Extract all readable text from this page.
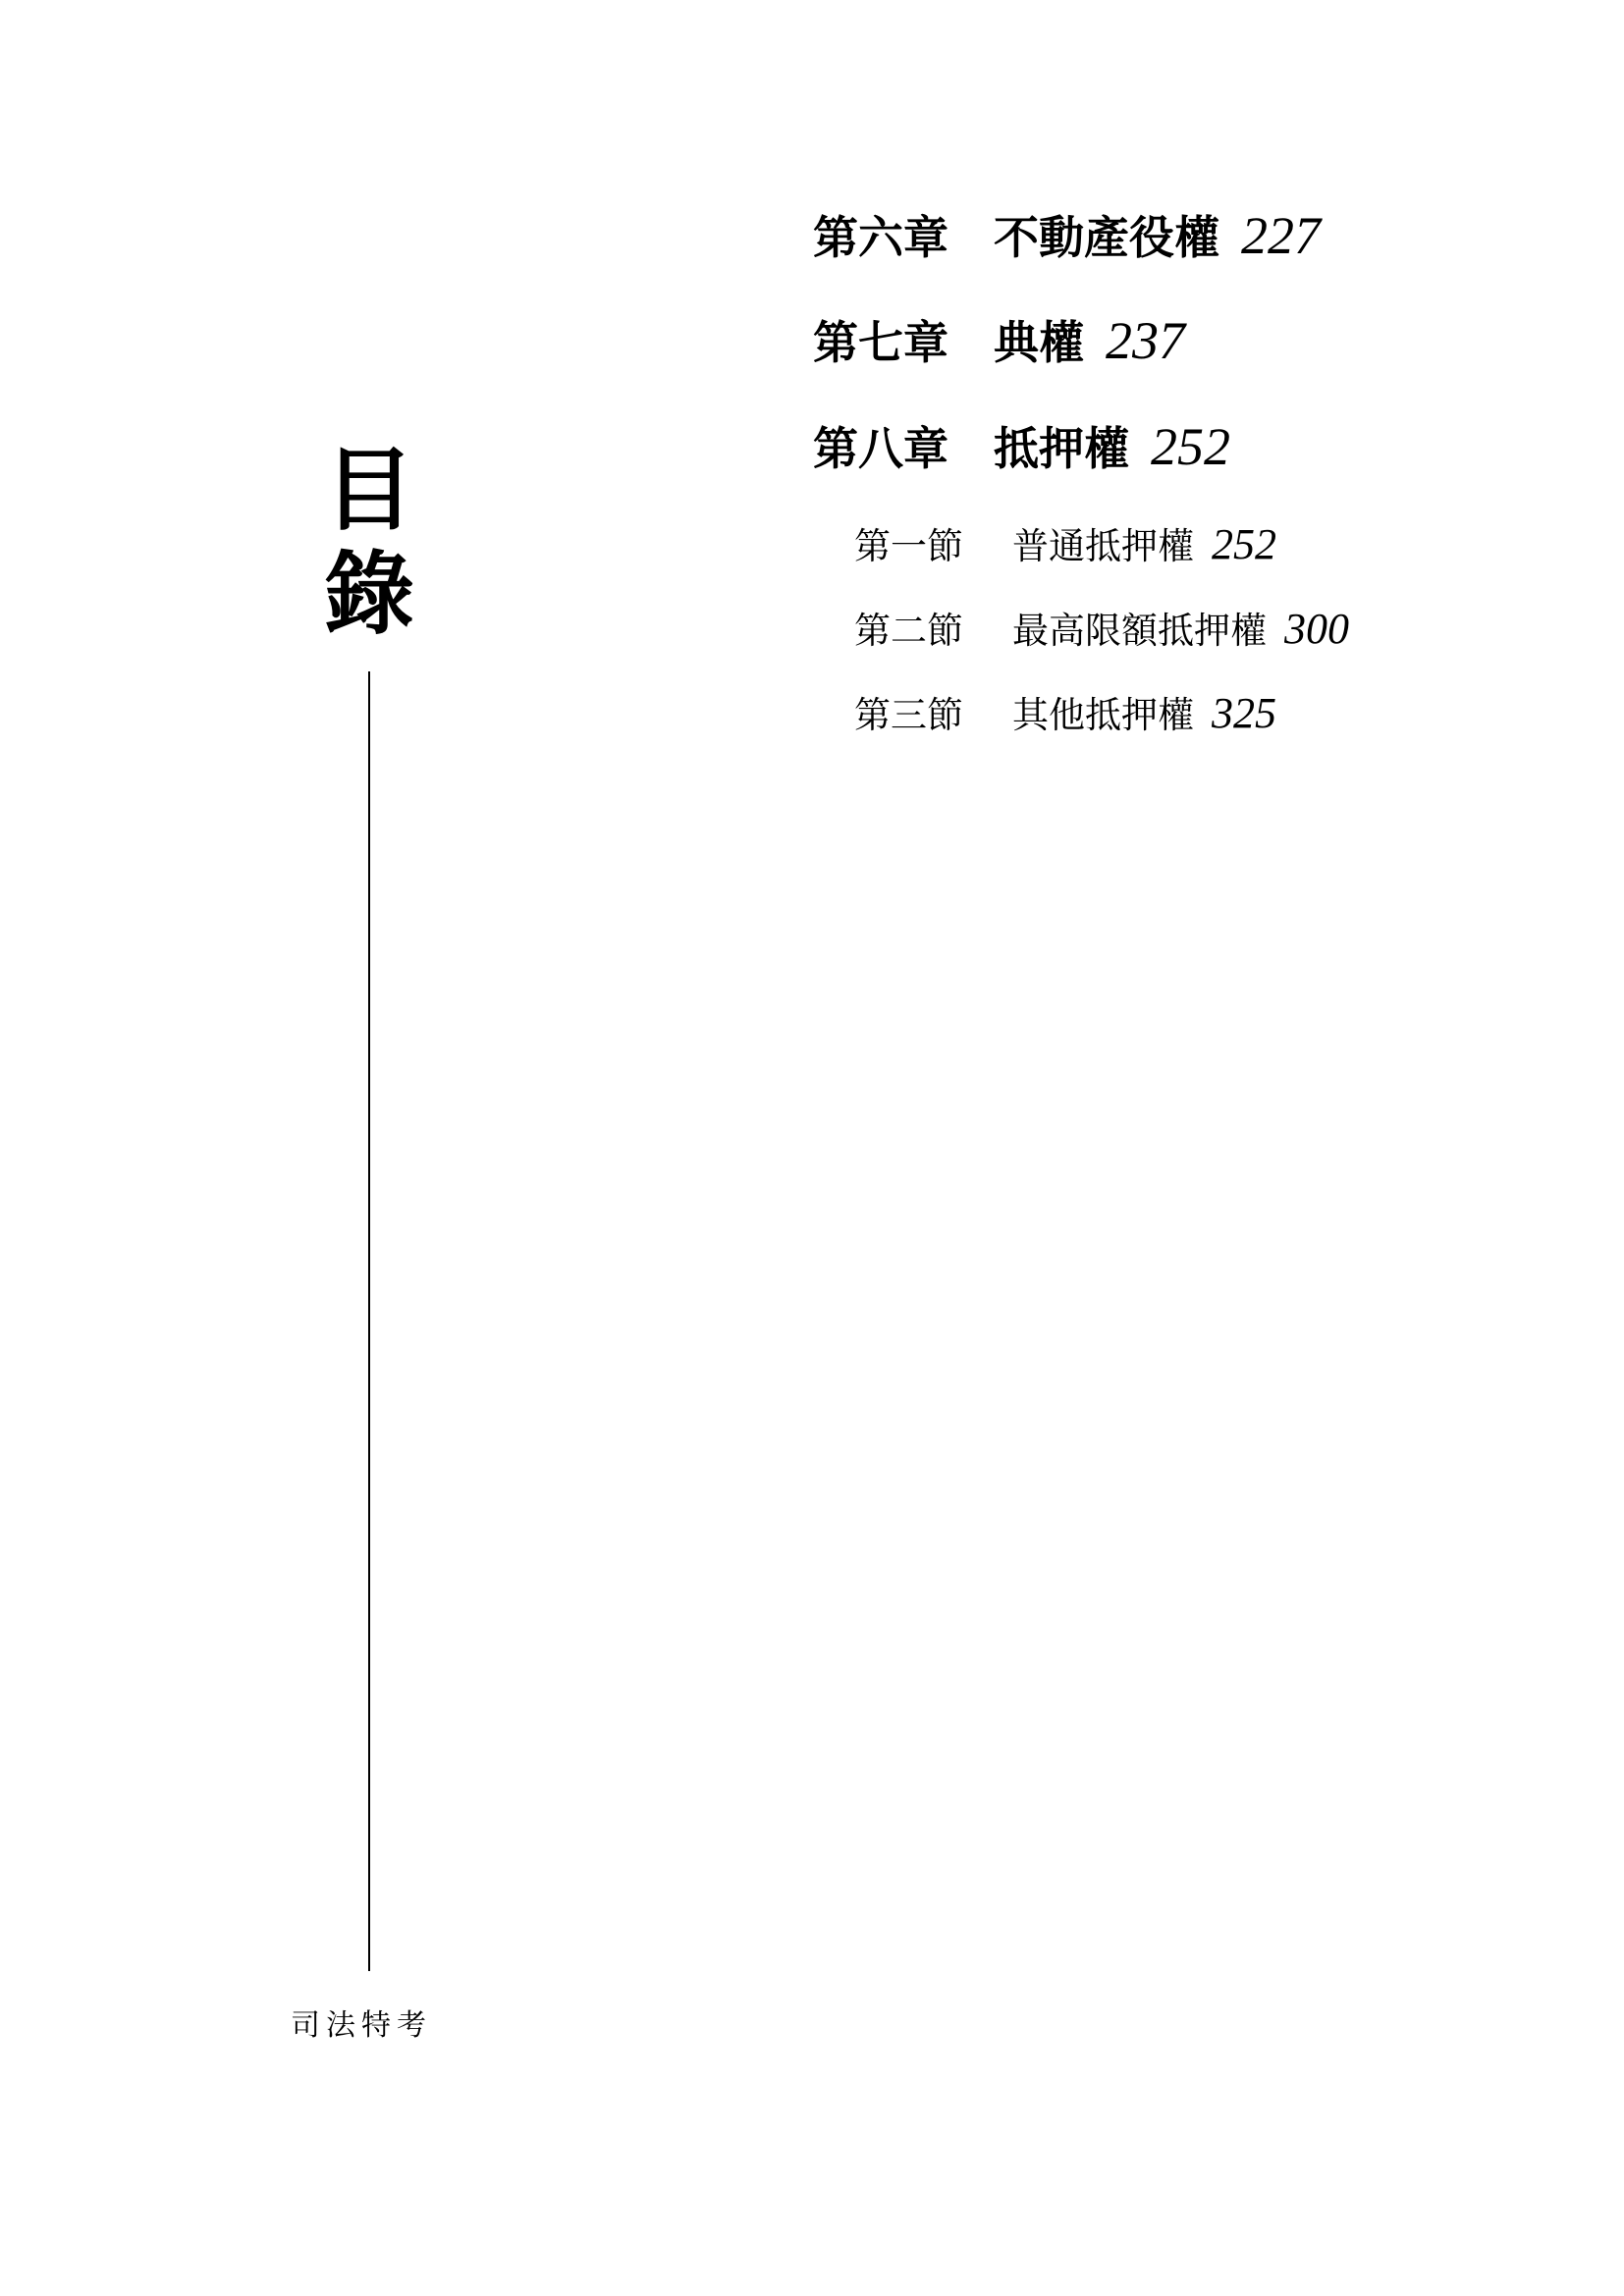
目
錄
第六章 不動產役權 227
第七章 典權 237
第八章 抵押權 252
第一節 普通抵押權 252
第二節 最高限額抵押權 300
第三節 其他抵押權 325
司法特考
